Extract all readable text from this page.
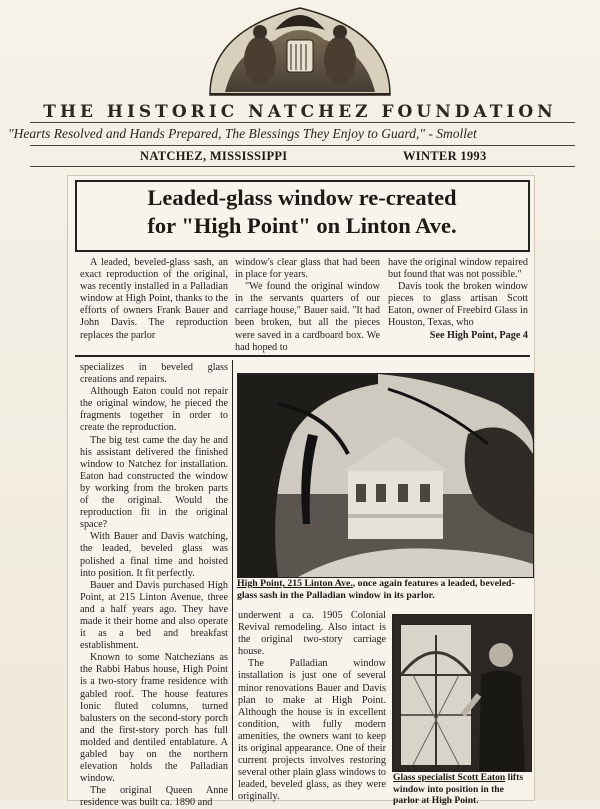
THE HISTORIC NATCHEZ FOUNDATION
"Hearts Resolved and Hands Prepared, The Blessings They Enjoy to Guard," - Smollet
NATCHEZ, MISSISSIPPI	WINTER 1993
Leaded-glass window re-created
for "High Point" on Linton Ave.

A leaded, beveled-glass sash, an exact reproduction of the original, was recently installed in a Palladian window at High Point, thanks to the efforts of owners Frank Bauer and John Davis. The reproduction replaces the parlor

window's clear glass that had been in place for years.

"We found the original window in the servants quarters of our carriage house," Bauer said. "It had been broken, but all the pieces were saved in a cardboard box. We had hoped to

have the original window repaired but found that was not possible."

Davis took the broken window pieces to glass artisan Scott Eaton, owner of Freebird Glass in Houston, Texas, who

See High Point, Page 4

specializes in beveled glass creations and repairs.

Although Eaton could not repair the original window, he pieced the fragments together in order to create the reproduction.

The big test came the day he and his assistant delivered the finished window to Natchez for installation. Eaton had constructed the window by working from the broken parts of the original. Would the reproduction fit in the original space?

With Bauer and Davis watching, the leaded, beveled glass was polished a final time and hoisted into position. It fit perfectly.

Bauer and Davis purchased High Point, at 215 Linton Avenue, three and a half years ago. They have made it their home and also operate it as a bed and breakfast establishment.

Known to some Natchezians as the Rabbi Habus house, High Point is a two-story frame residence with gabled roof. The house features Ionic fluted columns, turned balusters on the second-story porch and the first-story porch has full molded and dentiled entablature. A gabled bay on the northern elevation holds the Palladian window.

The original Queen Anne residence was built ca. 1890 and

High Point, 215 Linton Ave., once again features a leaded, beveled-glass sash in the Palladian window in its parlor.

underwent a ca. 1905 Colonial Revival remodeling. Also intact is the original two-story carriage house.

The Palladian window installation is just one of several minor renovations Bauer and Davis plan to make at High Point. Although the house is in excellent condition, with fully modern amenities, the owners want to keep its original appearance. One of their current projects involves restoring several other plain glass windows to leaded, beveled glass, as they were originally.

Glass specialist Scott Eaton lifts window into position in the parlor at High Point.
